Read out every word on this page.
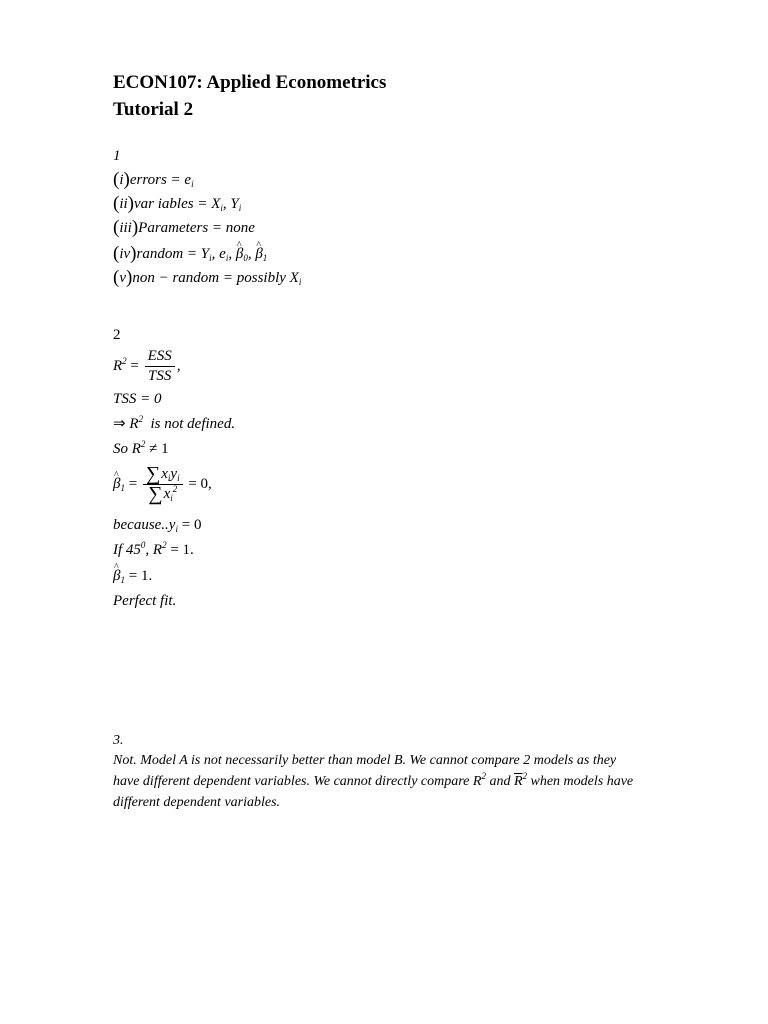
ECON107: Applied Econometrics
Tutorial 2
1
(i)errors = $e_i$
(ii)var iables = $X_i$, $Y_i$
(iii)Parameters = none
(iv)random = $Y_i$, $e_i$, ^ $\beta_0$, ^ $\beta_1$
(v)non − random = possibly $X_i$
2
$R^2 = \frac{\text{ESS}}{\text{TSS}}$ ,
TSS = 0
⇒ $R^2$ is not defined.
So $R^2 \ne 1$
^ $\beta_1 = \frac{\sum x_iy_i}{\sum x_i^2} = 0$,
$because..y_i = 0$
If $45^0$, $R^2 = 1$.
^ $\beta_1 = 1$.
Perfect fit.
3.
Not. Model A is not necessarily better than model B. We cannot compare 2 models as they have different dependent variables. We cannot directly compare $R^2$ and $\overline{R}^2$ when models have different dependent variables.
